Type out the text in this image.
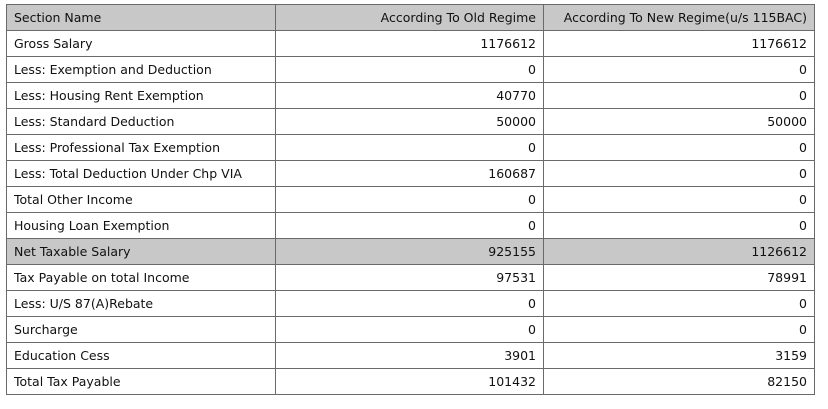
Section Name	According To Old Regime	According To New Regime(u/s 115BAC)
Gross Salary	1176612	1176612
Less: Exemption and Deduction	0	0
Less: Housing Rent Exemption	40770	0
Less: Standard Deduction	50000	50000
Less: Professional Tax Exemption	0	0
Less: Total Deduction Under Chp VIA	160687	0
Total Other Income	0	0
Housing Loan Exemption	0	0
Net Taxable Salary	925155	1126612
Tax Payable on total Income	97531	78991
Less: U/S 87(A)Rebate	0	0
Surcharge	0	0
Education Cess	3901	3159
Total Tax Payable	101432	82150
